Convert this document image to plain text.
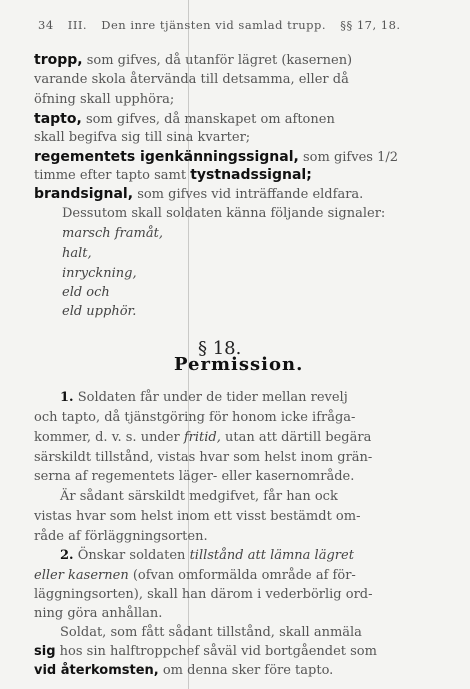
34 III. Den inre tjänsten vid samlad trupp. §§ 17, 18.
tropp, som gifves, då utanför lägret (kasernen)
varande skola återvända till detsamma, eller då
öfning skall upphöra;
tapto, som gifves, då manskapet om aftonen
skall begifva sig till sina kvarter;
regementets igenkänningssignal, som gifves 1/2
timme efter tapto samt tystnadssignal;
brandsignal, som gifves vid inträffande eldfara.
Dessutom skall soldaten känna följande signaler:
marsch framåt,
halt,
inryckning,
eld och
eld upphör.
§ 18.
Permission.
1. Soldaten får under de tider mellan revelj
och tapto, då tjänstgöring för honom icke ifråga-
kommer, d. v. s. under fritid, utan att därtill begära
särskildt tillstånd, vistas hvar som helst inom grän-
serna af regementets läger- eller kasernområde.
Är sådant särskildt medgifvet, får han ock
vistas hvar som helst inom ett visst bestämdt om-
råde af förläggningsorten.
2. Önskar soldaten tillstånd att lämna lägret
eller kasernen (ofvan omformälda område af för-
läggningsorten), skall han därom i vederbörlig ord-
ning göra anhållan.
Soldat, som fått sådant tillstånd, skall anmäla
sig hos sin halftroppchef såväl vid bortgåendet som
vid återkomsten, om denna sker före tapto.
